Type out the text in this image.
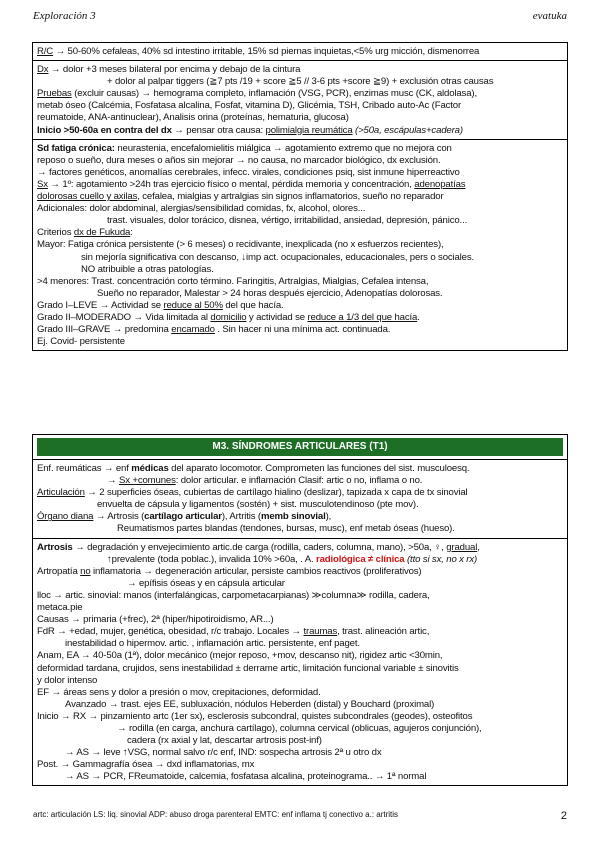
Exploración 3	evatuka
R/C → 50-60% cefaleas, 40% sd intestino irritable, 15% sd piernas inquietas,<5% urg micción, dismenorrea
Dx → dolor +3 meses bilateral por encima y debajo de la cintura
+ dolor al palpar tiggers (≧7 pts /19 + score ≧5 // 3-6 pts +score ≧9) + exclusión otras causas
Pruebas (excluir causas) → hemograma completo, inflamación (VSG, PCR), enzimas musc (CK, aldolasa),
metab óseo (Calcémia, Fosfatasa alcalina, Fosfat, vitamina D), Glicémia, TSH, Cribado auto-Ac (Factor
reumatoide, ANA-antinuclear), Analisis orina (proteínas, hematuria, glucosa)
Inicio >50-60a en contra del dx → pensar otra causa: polimialgia reumática (>50a, escápulas+cadera)
Sd fatiga crónica: neurastenia, encefalomielitis miálgica → agotamiento extremo que no mejora con
reposo o sueño, dura meses o años sin mejorar → no causa, no marcador biológico, dx exclusión.
→ factores genéticos, anomalías cerebrales, infecc. virales, condiciones psiq, sist inmune hiperreactivo
Sx → 1º: agotamiento >24h tras ejercicio físico o mental, pérdida memoria y concentración, adenopatías
dolorosas cuello y axilas, cefalea, mialgias y artralgias sin signos inflamatorios, sueño no reparador
Adicionales: dolor abdominal, alergias/sensibilidad comidas, fx, alcohol, olores...
trast. visuales, dolor torácico, disnea, vértigo, irritabilidad, ansiedad, depresión, pánico...
Criterios dx de Fukuda:
Mayor: Fatiga crónica persistente (> 6 meses) o recidivante, inexplicada (no x esfuerzos recientes),
sin mejoría significativa con descanso, ↓imp act. ocupacionales, educacionales, pers o sociales.
NO atribuible a otras patologías.
>4 menores: Trast. concentración corto término. Faringitis, Artralgias, Mialgias, Cefalea intensa,
Sueño no reparador, Malestar > 24 horas después ejercicio, Adenopatías dolorosas.
Grado I–LEVE → Actividad se reduce al 50% del que hacía.
Grado II–MODERADO → Vida limitada al domicilio y actividad se reduce a 1/3 del que hacía.
Grado III–GRAVE → predomina encamado . Sin hacer ni una mínima act. continuada.
Ej. Covid- persistente
M3. SÍNDROMES ARTICULARES (T1)
Enf. reumáticas → enf médicas del aparato locomotor. Comprometen las funciones del sist. musculoesq.
→ Sx +comunes: dolor articular. e inflamación Clasif: artic o no, inflama o no.
Articulación → 2 superficies óseas, cubiertas de cartílago hialino (deslizar), tapizada x capa de tx sinovial
envuelta de cápsula y ligamentos (sostén) + sist. musculotendinoso (pte mov).
Órgano diana → Artrosis (cartílago articular), Artritis (memb sinovial),
Reumatismos partes blandas (tendones, bursas, musc), enf metab óseas (hueso).
Artrosis → degradación y envejecimiento artic.de carga (rodilla, caders, columna, mano), >50a, ♀, gradual,
↑prevalente (toda poblac.), invalida 10% >60a, . A. radiológica ≠ clínica (tto si sx, no x rx)
Artropatía no inflamatoria → degeneración articular, persiste cambios reactivos (proliferativos)
→ epífisis óseas y en cápsula articular
lloc → artic. sinovial: manos (interfalángicas, carpometacarpianas) ≫columna≫ rodilla, cadera,
metaca.pie
Causas → primaria (+frec), 2ª (hiper/hipotiroidismo, AR...)
FdR → +edad, mujer, genética, obesidad, r/c trabajo. Locales → traumas, trast. alineación artic,
inestabilidad o hipermov. artic. , inflamación artic. persistente, enf paget.
Anam, EA → 40-50a (1ª), dolor mecánico (mejor reposo, +mov, descanso nit), rigidez artic <30min,
deformidad tardana, crujidos, sens inestabilidad ± derrame artic, limitación funcional variable ± sinovitis
y dolor intenso
EF → áreas sens y dolor a presión o mov, crepitaciones, deformidad.
Avanzado → trast. ejes EE, subluxación, nódulos Heberden (distal) y Bouchard (proximal)
Inicio → RX → pinzamiento artc (1er sx), esclerosis subcondral, quistes subcondrales (geodes), osteofitos
→ rodilla (en carga, anchura cartílago), columna cervical (oblicuas, agujeros conjunción),
cadera (rx axial y lat, descartar artrosis post-inf)
→ AS → leve ↑VSG, normal salvo r/c enf, IND: sospecha artrosis 2ª u otro dx
Post. → Gammagrafía ósea → dxd inflamatorias, mx
→ AS → PCR, FReumatoide, calcemia, fosfatasa alcalina, proteinograma.. → 1ª normal
artc: articulación LS: liq. sinovial ADP: abuso droga parenteral EMTC: enf inflama tj conectivo a.: artritis	2
